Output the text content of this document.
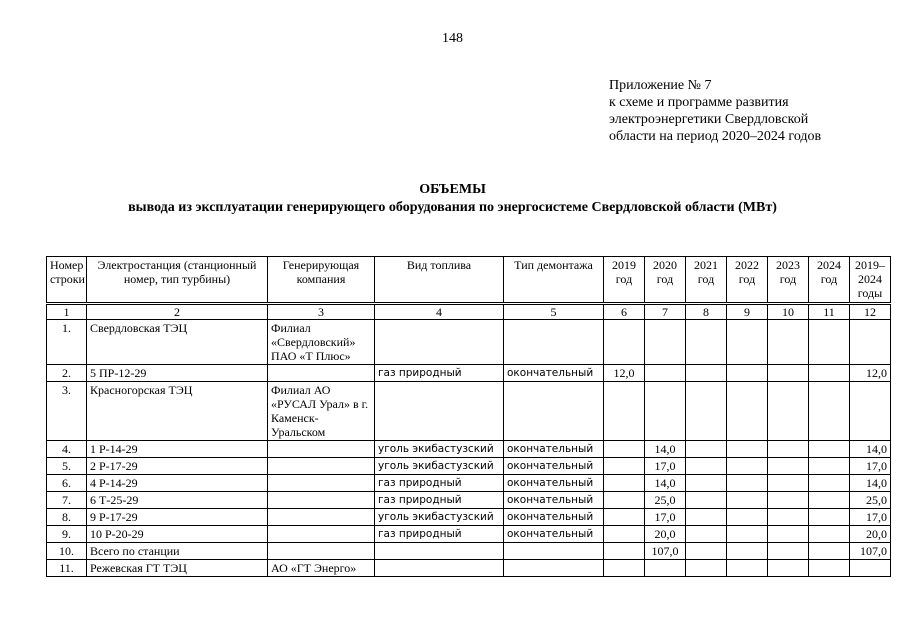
148
Приложение № 7
к схеме и программе развития
электроэнергетики Свердловской
области на период 2020–2024 годов
ОБЪЕМЫ
вывода из эксплуатации генерирующего оборудования по энергосистеме Свердловской области (МВт)
Номер строки	Электростанция (станционный номер, тип турбины)	Генерирующая компания	Вид топлива	Тип демонтажа	2019 год	2020 год	2021 год	2022 год	2023 год	2024 год	2019–2024 годы
1	2	3	4	5	6	7	8	9	10	11	12
1.	Свердловская ТЭЦ	Филиал «Свердловский» ПАО «Т Плюс»									
2.	5 ПР-12-29		газ природный	окончательный	12,0						12,0
3.	Красногорская ТЭЦ	Филиал АО «РУСАЛ Урал» в г. Каменск-Уральском									
4.	1 Р-14-29		уголь экибастузский	окончательный		14,0					14,0
5.	2 Р-17-29		уголь экибастузский	окончательный		17,0					17,0
6.	4 Р-14-29		газ природный	окончательный		14,0					14,0
7.	6 Т-25-29		газ природный	окончательный		25,0					25,0
8.	9 Р-17-29		уголь экибастузский	окончательный		17,0					17,0
9.	10 Р-20-29		газ природный	окончательный		20,0					20,0
10.	Всего по станции					107,0					107,0
11.	Режевская ГТ ТЭЦ	АО «ГТ Энерго»									
